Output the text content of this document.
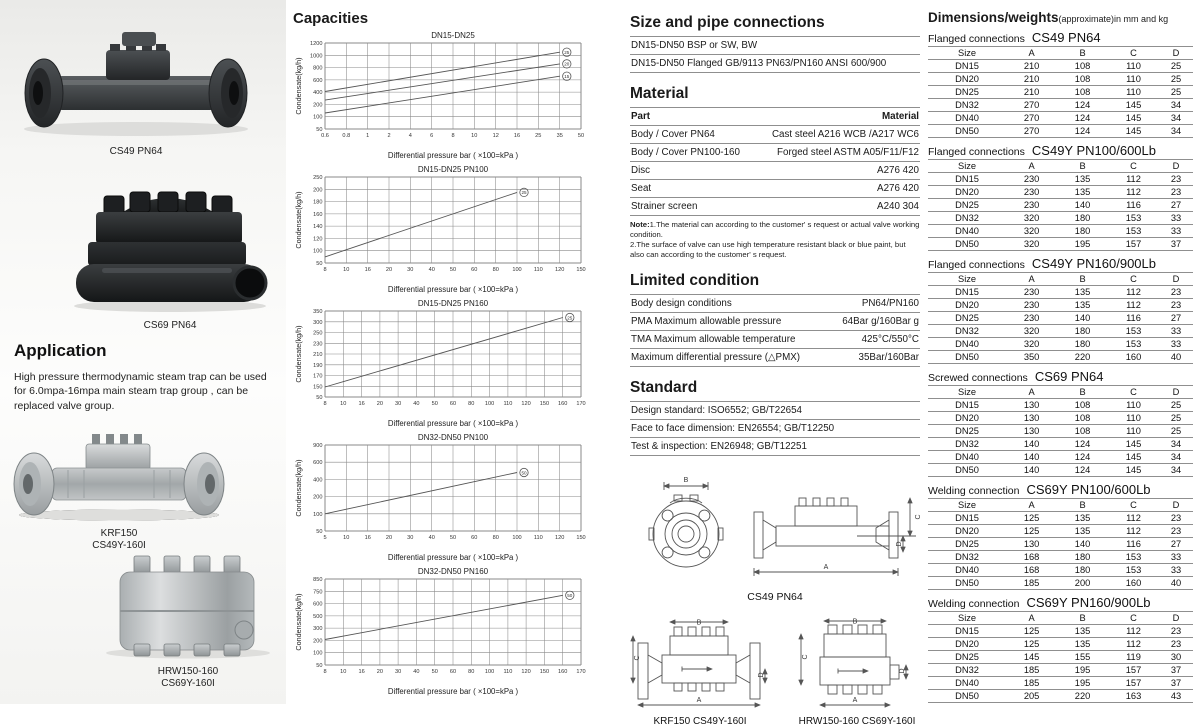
CS49 PN64
CS69 PN64
KRF150
CS49Y-160I
HRW150-160
CS69Y-160I
Application

High pressure thermodynamic steam trap can be used for 6.0mpa-16mpa main steam trap group , can be replaced valve group.

Capacities
50
100
200
400
600
800
1000
1200
0.6 0.8	1	2	4	6	8	10	12	16	25	35	50
25
20
15
DN15-DN25
Condensate(kg/h)
Differential pressure bar ( ×100=kPa )
50
100
120
140
160
180
200
250
8	10	16	20	30	40	50	60	80 100 110 120 150
25
DN15-DN25 PN100
Condensate(kg/h)
Differential pressure bar ( ×100=kPa )
50
150
170
190
210
230
250
300
350
8 10 16 20 30 40 50 60 80 100 110 120 150 160 170
25
DN15-DN25 PN160
Condensate(kg/h)
Differential pressure bar ( ×100=kPa )
50
100
200
400
600
900
5	10	16	20	30	40	50	60	80 100 110 120 150
50
DN32-DN50 PN100
Condensate(kg/h)
Differential pressure bar ( ×100=kPa )
50
100
200
300
500
600
750
850
8 10 16 20 30 40 50 60 80 100 110 120 150 160 170
50
DN32-DN50 PN160
Condensate(kg/h)
Differential pressure bar ( ×100=kPa )
Size and pipe connections
DN15-DN50 BSP or SW, BW
DN15-DN50 Flanged GB/9113 PN63/PN160 ANSI 600/900
Material
Part	Material
Body / Cover PN64	Cast steel A216 WCB /A217 WC6
Body / Cover PN100-160	Forged steel ASTM A05/F11/F12
Disc	A276 420
Seat	A276 420
Strainer screen	A240 304
Note:1.The material can according to the customer' s request or actual valve working condition.
2.The surface of valve can use high temperature resistant black or blue paint, but also can according to the customer' s request.
Limited condition
Body design conditions	PN64/PN160
PMA Maximum allowable pressure	64Bar g/160Bar g
TMA Maximum allowable temperature	425°C/550°C
Maximum differential pressure (△PMX)	35Bar/160Bar
Standard
Design standard: ISO6552; GB/T22654
Face to face dimension: EN26554; GB/T12250
Test & inspection: EN26948; GB/T12251
B
A
C
D
CS49 PN64
B
A
C
D
KRF150 CS49Y-160I
B
A
C
D
HRW150-160 CS69Y-160I
Dimensions/weights(approximate)in mm and kg
Flanged connections CS49 PN64
Size	A	B	C	D
DN15	210	108	110	25
DN20	210	108	110	25
DN25	210	108	110	25
DN32	270	124	145	34
DN40	270	124	145	34
DN50	270	124	145	34
Flanged connections CS49Y PN100/600Lb
Size	A	B	C	D
DN15	230	135	112	23
DN20	230	135	112	23
DN25	230	140	116	27
DN32	320	180	153	33
DN40	320	180	153	33
DN50	320	195	157	37
Flanged connections CS49Y PN160/900Lb
Size	A	B	C	D
DN15	230	135	112	23
DN20	230	135	112	23
DN25	230	140	116	27
DN32	320	180	153	33
DN40	320	180	153	33
DN50	350	220	160	40
Screwed connections CS69 PN64
Size	A	B	C	D
DN15	130	108	110	25
DN20	130	108	110	25
DN25	130	108	110	25
DN32	140	124	145	34
DN40	140	124	145	34
DN50	140	124	145	34
Welding connection CS69Y PN100/600Lb
Size	A	B	C	D
DN15	125	135	112	23
DN20	125	135	112	23
DN25	130	140	116	27
DN32	168	180	153	33
DN40	168	180	153	33
DN50	185	200	160	40
Welding connection CS69Y PN160/900Lb
Size	A	B	C	D
DN15	125	135	112	23
DN20	125	135	112	23
DN25	145	155	119	30
DN32	185	195	157	37
DN40	185	195	157	37
DN50	205	220	163	43
